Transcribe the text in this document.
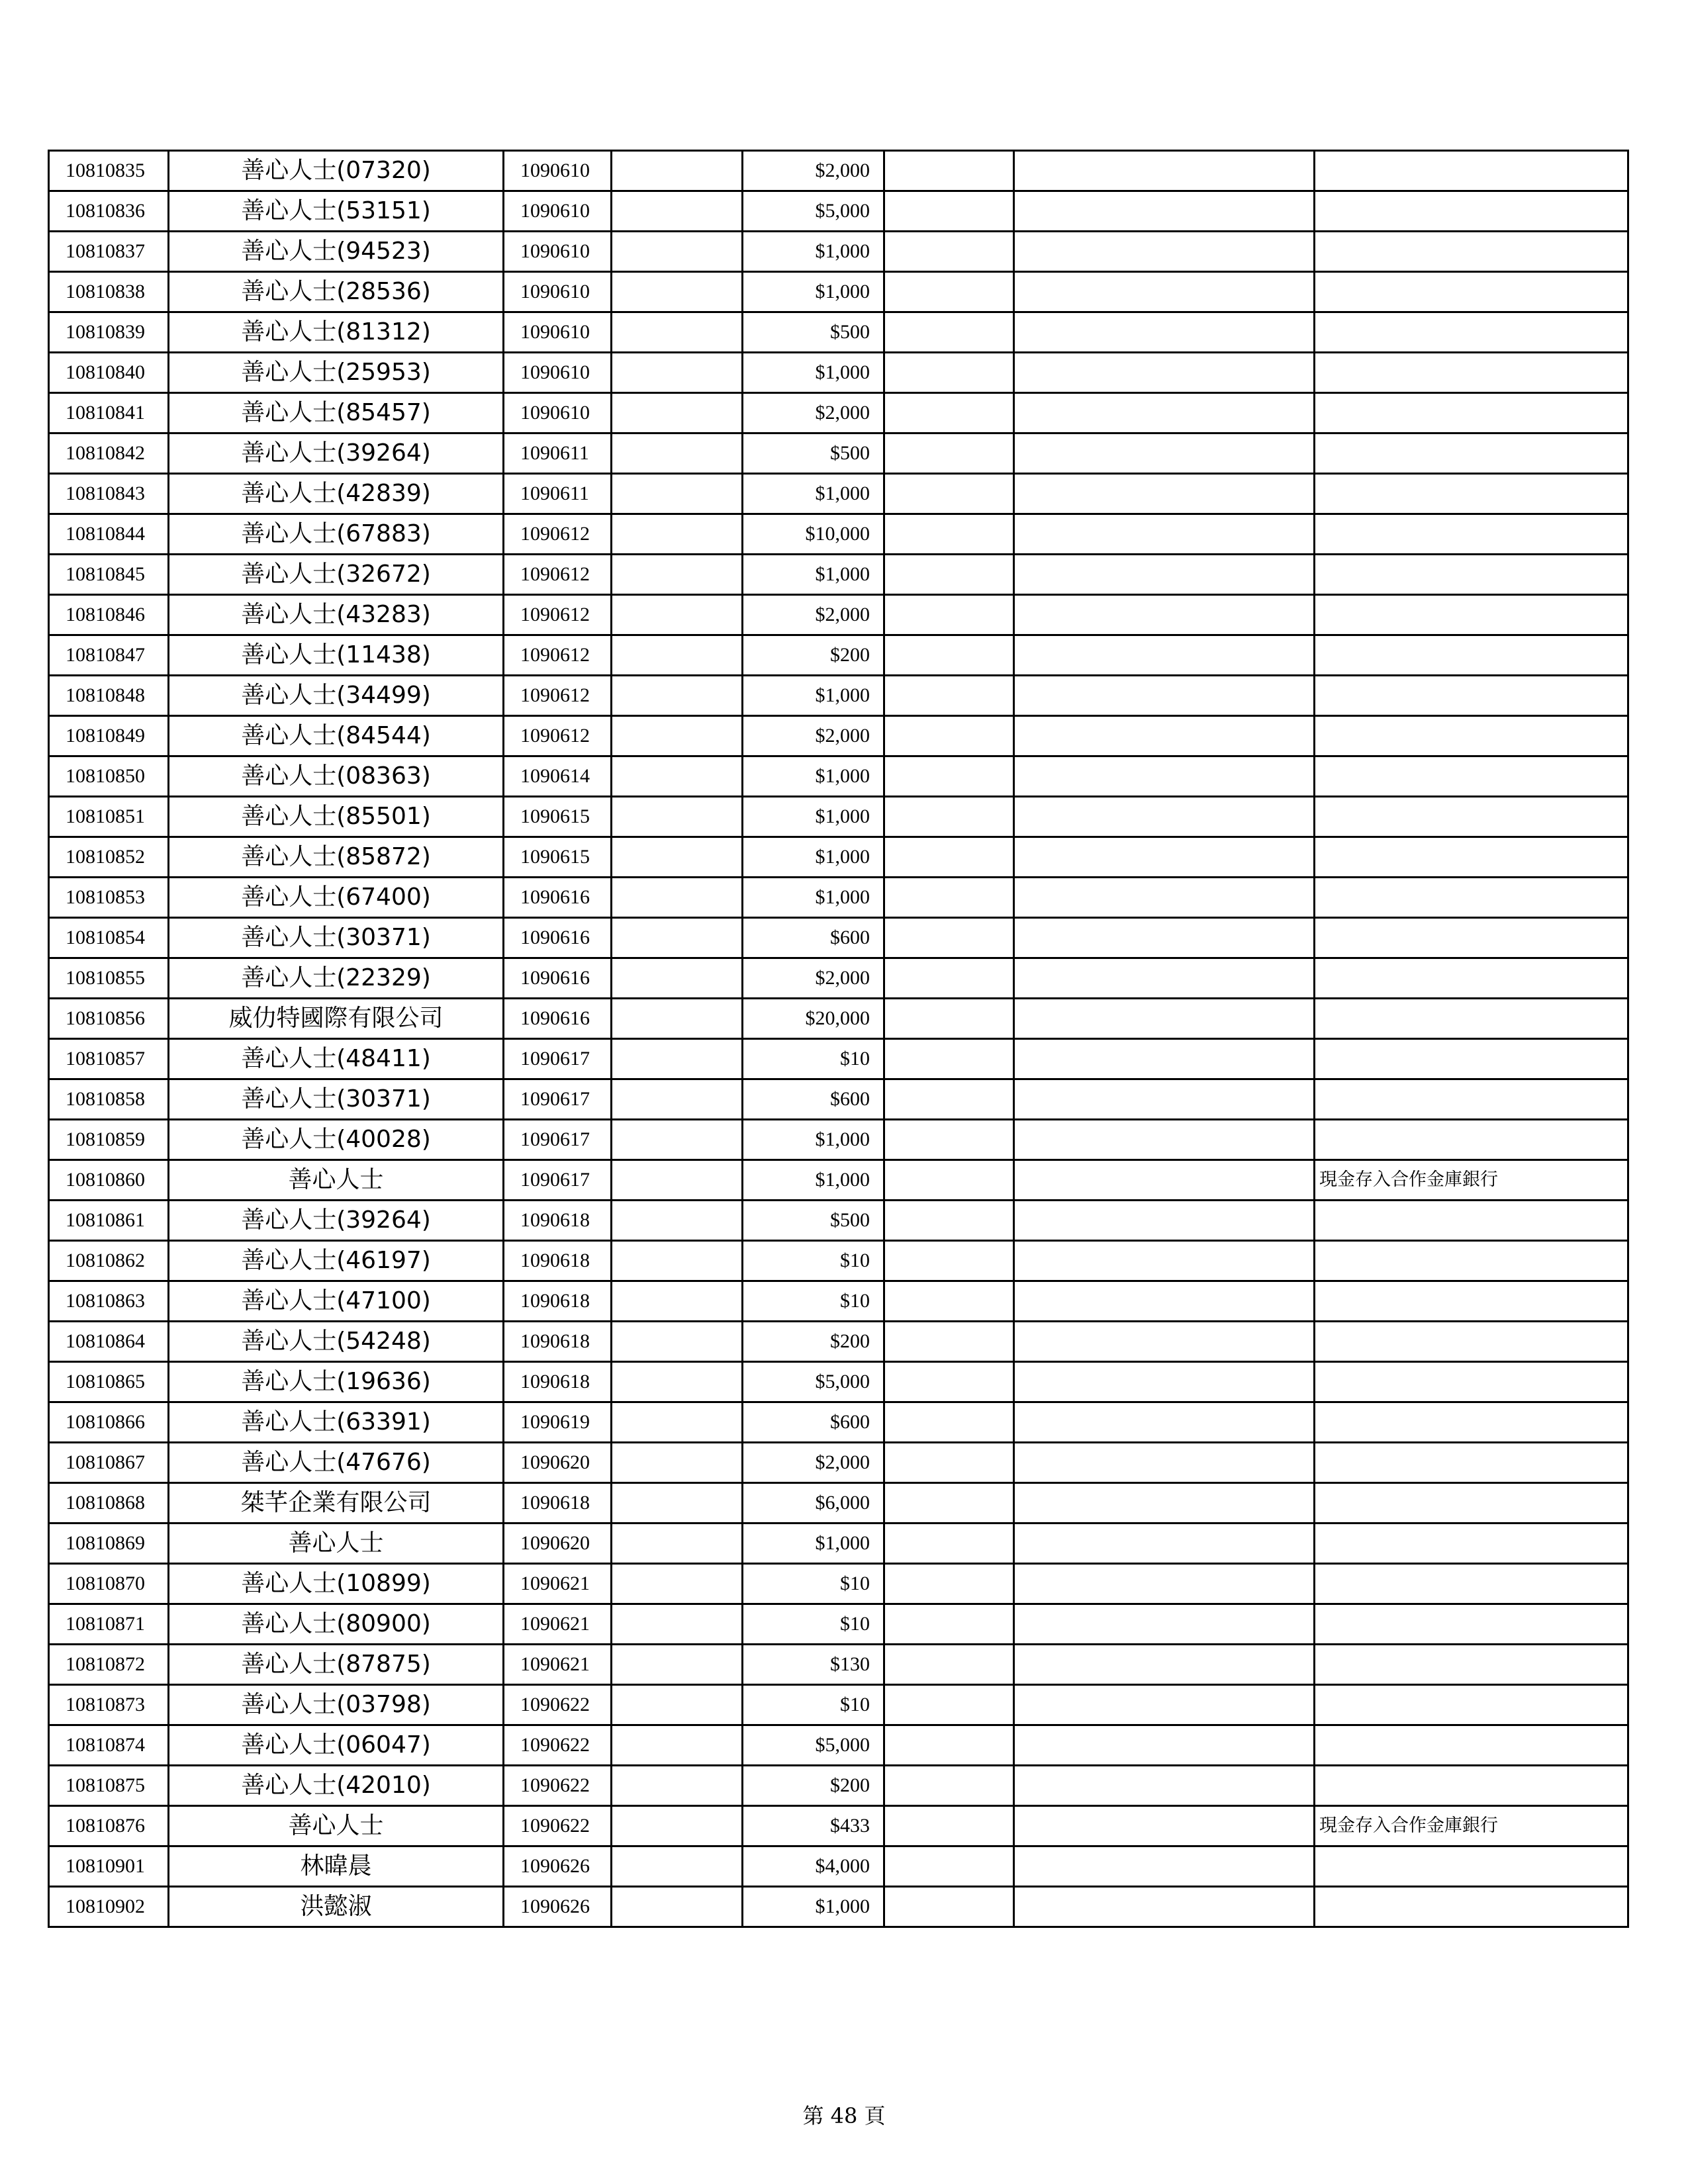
10810835	善心人士(07320)	1090610		$2,000			
10810836	善心人士(53151)	1090610		$5,000			
10810837	善心人士(94523)	1090610		$1,000			
10810838	善心人士(28536)	1090610		$1,000			
10810839	善心人士(81312)	1090610		$500			
10810840	善心人士(25953)	1090610		$1,000			
10810841	善心人士(85457)	1090610		$2,000			
10810842	善心人士(39264)	1090611		$500			
10810843	善心人士(42839)	1090611		$1,000			
10810844	善心人士(67883)	1090612		$10,000			
10810845	善心人士(32672)	1090612		$1,000			
10810846	善心人士(43283)	1090612		$2,000			
10810847	善心人士(11438)	1090612		$200			
10810848	善心人士(34499)	1090612		$1,000			
10810849	善心人士(84544)	1090612		$2,000			
10810850	善心人士(08363)	1090614		$1,000			
10810851	善心人士(85501)	1090615		$1,000			
10810852	善心人士(85872)	1090615		$1,000			
10810853	善心人士(67400)	1090616		$1,000			
10810854	善心人士(30371)	1090616		$600			
10810855	善心人士(22329)	1090616		$2,000			
10810856	威仂特國際有限公司	1090616		$20,000			
10810857	善心人士(48411)	1090617		$10			
10810858	善心人士(30371)	1090617		$600			
10810859	善心人士(40028)	1090617		$1,000			
10810860	善心人士	1090617		$1,000			現金存入合作金庫銀行
10810861	善心人士(39264)	1090618		$500			
10810862	善心人士(46197)	1090618		$10			
10810863	善心人士(47100)	1090618		$10			
10810864	善心人士(54248)	1090618		$200			
10810865	善心人士(19636)	1090618		$5,000			
10810866	善心人士(63391)	1090619		$600			
10810867	善心人士(47676)	1090620		$2,000			
10810868	桀芊企業有限公司	1090618		$6,000			
10810869	善心人士	1090620		$1,000			
10810870	善心人士(10899)	1090621		$10			
10810871	善心人士(80900)	1090621		$10			
10810872	善心人士(87875)	1090621		$130			
10810873	善心人士(03798)	1090622		$10			
10810874	善心人士(06047)	1090622		$5,000			
10810875	善心人士(42010)	1090622		$200			
10810876	善心人士	1090622		$433			現金存入合作金庫銀行
10810901	林暐晨	1090626		$4,000			
10810902	洪懿淑	1090626		$1,000			
第 48 頁
